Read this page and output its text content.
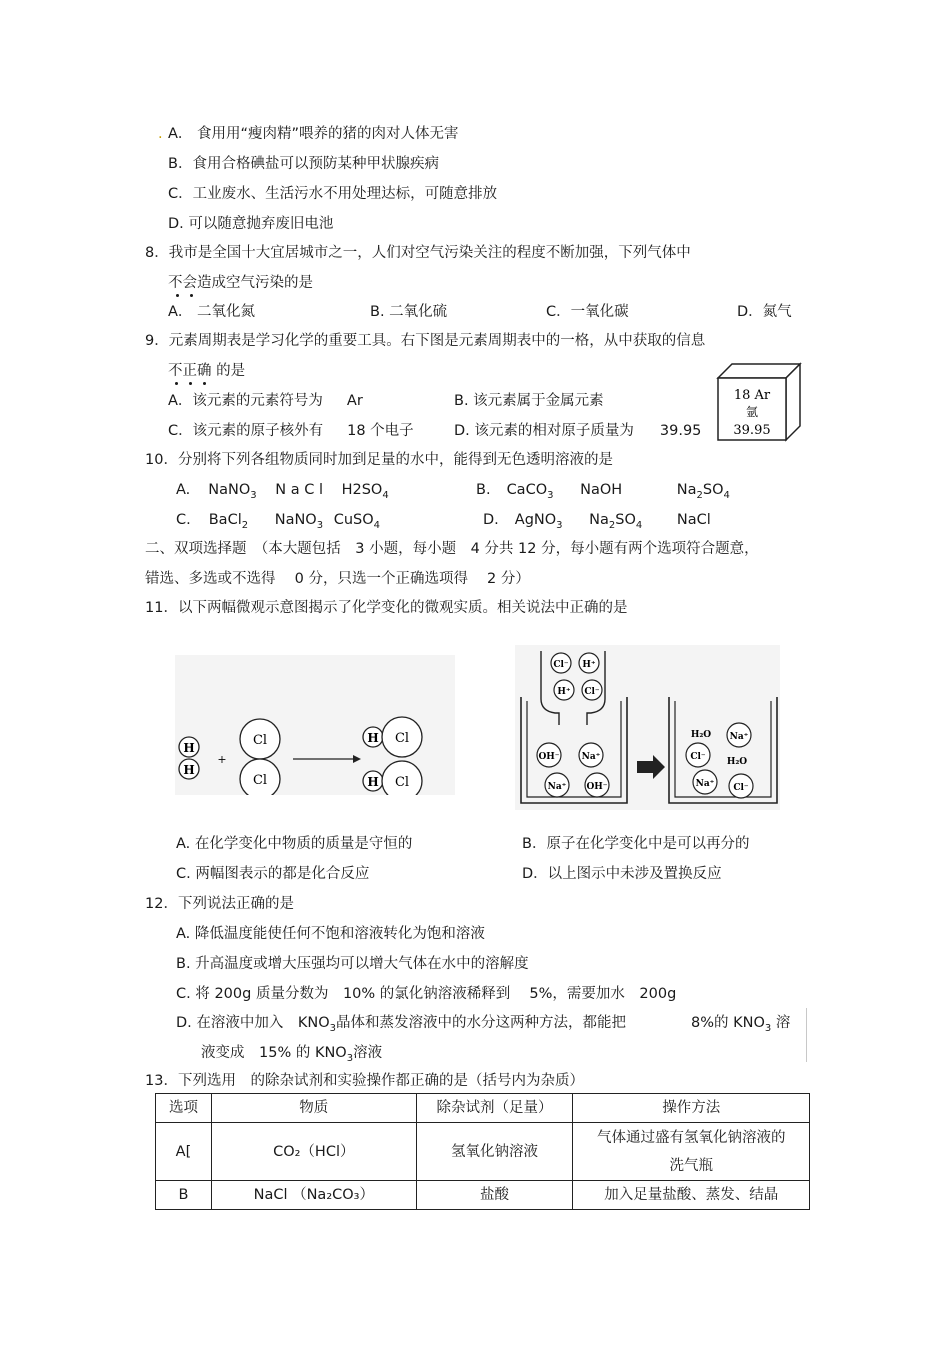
. A． 食用用“瘦肉精”喂养的猪的肉对人体无害
B．食用合格碘盐可以预防某种甲状腺疾病
C．工业废水、生活污水不用处理达标，可随意排放
D. 可以随意抛弃废旧电池
8．我市是全国十大宜居城市之一，人们对空气污染关注的程度不断加强，下列气体中
不会造成空气污染的是
A． 二氧化氮	B. 二氧化硫	C．一氧化碳	D．氮气
9．元素周期表是学习化学的重要工具。右下图是元素周期表中的一格，从中获取的信息
不正确 的是
A．该元素的元素符号为 Ar	B. 该元素属于金属元素
C．该元素的原子核外有 18 个电子	D. 该元素的相对原子质量为 39.95
18 Ar
氩
39.95
10．分别将下列各组物质同时加到足量的水中，能得到无色透明溶液的是
A. NaNO$_3$ N a C l $H2SO_4$	B. CaCO$_3$ NaOH	$Na_2SO_4$
C. BaCl$_2$ NaNO$_3$ CuSO$_4$	D. AgNO$_3$ $Na_2SO_4$ NaCl
二、双项选择题　（本大题包括　3 小题，每小题　4 分共 12 分，每小题有两个选项符合题意，
错选、多选或不选得　 0 分，只选一个正确选项得　 2 分）
11．以下两幅微观示意图揭示了化学变化的微观实质。相关说法中正确的是
H
H
+
Cl
Cl
H Cl
H Cl
Cl⁻ H⁺
H⁺ Cl⁻
OH⁻ Na⁺
Na⁺ OH⁻
H₂O Na⁺
Cl⁻ H₂O
Na⁺ Cl⁻
A. 在化学变化中物质的质量是守恒的	B．原子在化学变化中是可以再分的
C. 两幅图表示的都是化合反应	D．以上图示中未涉及置换反应
12．下列说法正确的是
A. 降低温度能使任何不饱和溶液转化为饱和溶液
B. 升高温度或增大压强均可以增大气体在水中的溶解度
C. 将 200g 质量分数为　10% 的氯化钠溶液稀释到　 5%，需要加水　200g
D. 在溶液中加入　$KNO_3$晶体和蒸发溶液中的水分这两种方法，都能把	8%的 $KNO_3$ 溶
液变成　15% 的 $KNO_3$溶液
13．下列选用　的除杂试剂和实验操作都正确的是（括号内为杂质）
选项	物质	除杂试剂（足量）	操作方法
A[	CO₂（HCl）	氢氧化钠溶液	气体通过盛有氢氧化钠溶液的
洗气瓶

B	NaCl （Na₂CO₃）	盐酸	加入足量盐酸、蒸发、结晶
